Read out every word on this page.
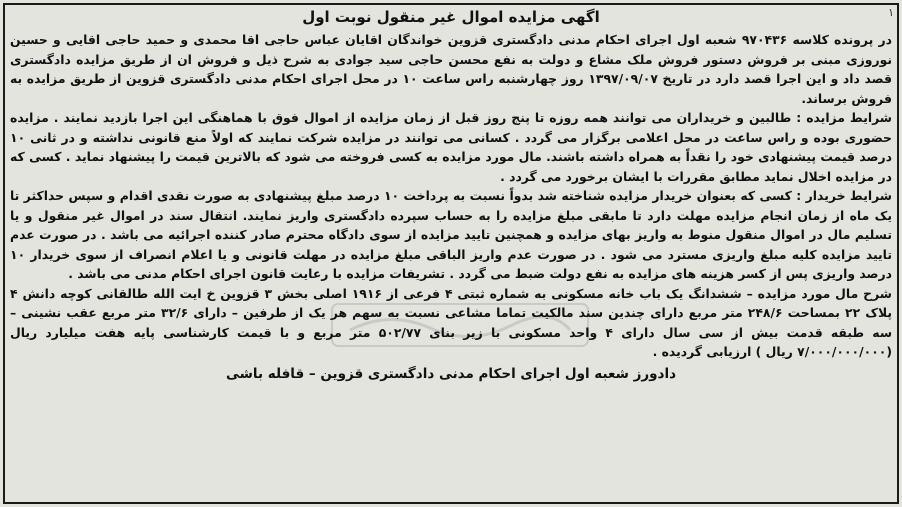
۱
اگهی مزایده اموال غیر منقول نوبت اول

در پرونده کلاسه ۹۷۰۴۳۶ شعبه اول اجرای احکام مدنی دادگستری قزوین خواندگان اقایان عباس حاجی اقا محمدی و حمید حاجی اقایی و حسین نوروزی مبنی بر فروش دستور فروش ملک مشاع و دولت به نفع محسن حاجی سید جوادی به شرح ذیل و فروش ان از طریق مزایده دادگستری قصد داد و این اجرا قصد دارد در تاریخ ۱۳۹۷/۰۹/۰۷ روز چهارشنبه راس ساعت ۱۰ در محل اجرای احکام مدنی دادگستری قزوین از طریق مزایده به فروش برساند.

شرایط مزایده : طالبین و خریداران می توانند همه روزه تا پنج روز قبل از زمان مزایده از اموال فوق با هماهنگی این اجرا بازدید نمایند . مزایده حضوری بوده و راس ساعت در محل اعلامی برگزار می گردد . کسانی می توانند در مزایده شرکت نمایند که اولاً منع قانونی نداشته و در ثانی ۱۰ درصد قیمت پیشنهادی خود را نقداً به همراه داشته باشند. مال مورد مزایده به کسی فروخته می شود که بالاترین قیمت را پیشنهاد نماید . کسی که در مزایده اخلال نماید مطابق مقررات با ایشان برخورد می گردد .

شرایط خریدار : کسی که بعنوان خریدار مزایده شناخته شد بدواً نسبت به پرداخت ۱۰ درصد مبلغ پیشنهادی به صورت نقدی اقدام و سپس حداکثر تا یک ماه از زمان انجام مزایده مهلت دارد تا مابقی مبلغ مزایده را به حساب سپرده دادگستری واریز نمایند. انتقال سند در اموال غیر منقول و یا تسلیم مال در اموال منقول منوط به واریز بهای مزایده و همچنین تایید مزایده از سوی دادگاه محترم صادر کننده اجرائیه می باشد . در صورت عدم تایید مزایده کلیه مبلغ واریزی مسترد می شود . در صورت عدم واریز الباقی مبلغ مزایده در مهلت قانونی و یا اعلام انصراف از سوی خریدار ۱۰ درصد واریزی پس از کسر هزینه های مزایده به نفع دولت ضبط می گردد . تشریفات مزایده با رعایت قانون اجرای احکام مدنی می باشد .

شرح مال مورد مزایده – ششدانگ یک باب خانه مسکونی به شماره ثبتی ۴ فرعی از ۱۹۱۶ اصلی بخش ۳ قزوین خ ایت الله طالقانی کوچه دانش ۴ پلاک ۲۲ بمساحت ۲۴۸/۶ متر مربع دارای چندین سند مالکیت تماما مشاعی نسبت به سهم هر یک از طرفین – دارای ۳۲/۶ متر مربع عقب نشینی – سه طبقه قدمت بیش از سی سال دارای ۴ واحد مسکونی با زیر بنای ۵۰۲/۷۷ متر مربع و با قیمت کارشناسی پایه هفت میلیارد ریال (۷/۰۰۰/۰۰۰/۰۰۰ ریال ) ارزیابی گردیده .

دادورز شعبه اول اجرای احکام مدنی دادگستری قزوین – قافله باشی
